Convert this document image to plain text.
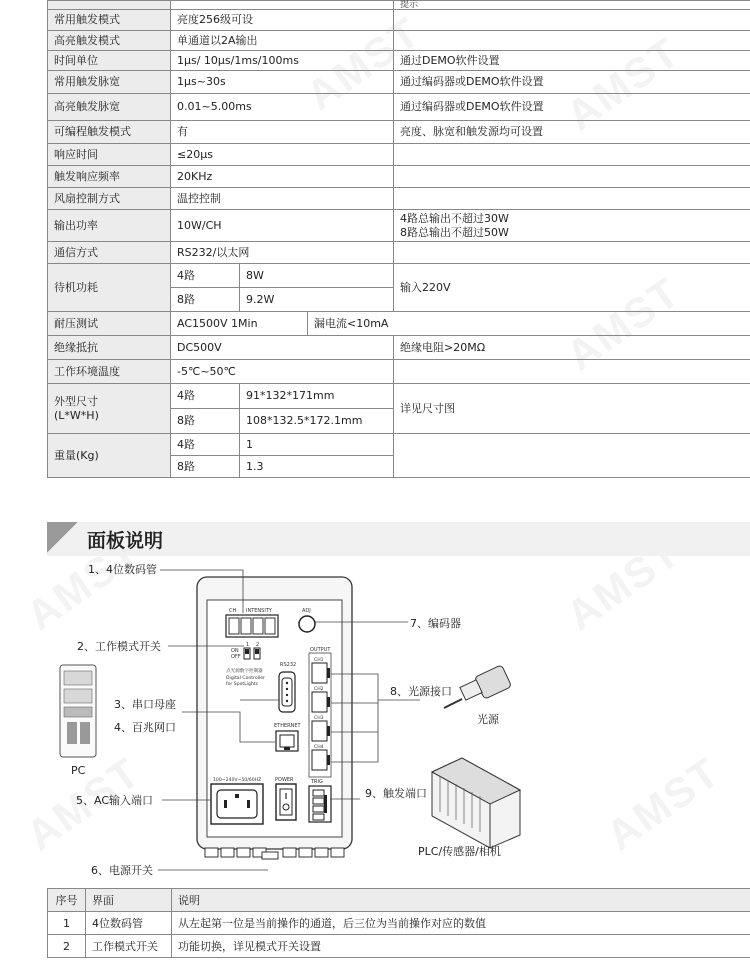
				提示
常用触发模式	亮度256级可设			
高亮触发模式	单通道以2A输出			
时间单位	1μs/ 10μs/1ms/100ms			通过DEMO软件设置
常用触发脉宽	1μs~30s			通过编码器或DEMO软件设置
高亮触发脉宽	0.01~5.00ms			通过编码器或DEMO软件设置
可编程触发模式	有			亮度、脉宽和触发源均可设置
响应时间	≤20μs			
触发响应频率	20KHz			
风扇控制方式	温控控制			
输出功率	10W/CH			4路总输出不超过30W
8路总输出不超过50W

通信方式	RS232/以太网			
待机功耗	4路	8W		输入220V
	8路	9.2W		
耐压测试	AC1500V 1Min		漏电流<10mA	
绝缘抵抗	DC500V			绝缘电阻>20MΩ
工作环境温度	-5℃~50℃			

外型尺寸
(L*W*H)	4路	91*132*171mm		详见尺寸图
	8路	108*132.5*172.1mm		
重量(Kg)	4路	1		
	8路	1.3		
面板说明
PC
CH INTENSITY	ADJ
ON
OFF
1 2
点光源数字控制器
Digital Controller
for SpotLights
RS232
ETHERNET
OUTPUT
CH1
CH2
CH3
CH4
100~240V~50/60HZ	POWER	TRIG
光源
PLC/传感器/相机
1、4位数码管
2、工作模式开关
3、串口母座
4、百兆网口
5、AC输入端口
6、电源开关
7、编码器
8、光源接口
9、触发端口
序号	界面	说明
1	4位数码管	从左起第一位是当前操作的通道，后三位为当前操作对应的数值
2	工作模式开关	功能切换，详见模式开关设置
